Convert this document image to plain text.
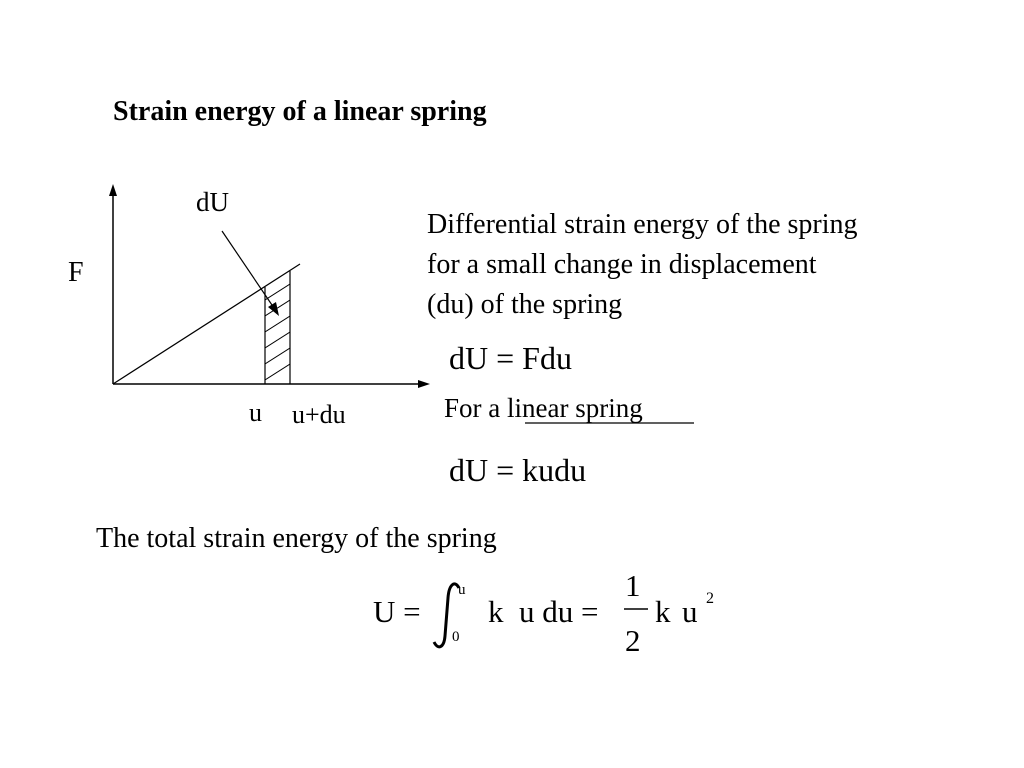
Strain energy of a linear spring
dU
F
u u+du
Differential strain energy of the spring
for a small change in displacement
(du) of the spring
dU = Fdu
For a linear spring
dU = kudu
The total strain energy of the spring
U =
u
0
k u du =
1
2
k u 2
